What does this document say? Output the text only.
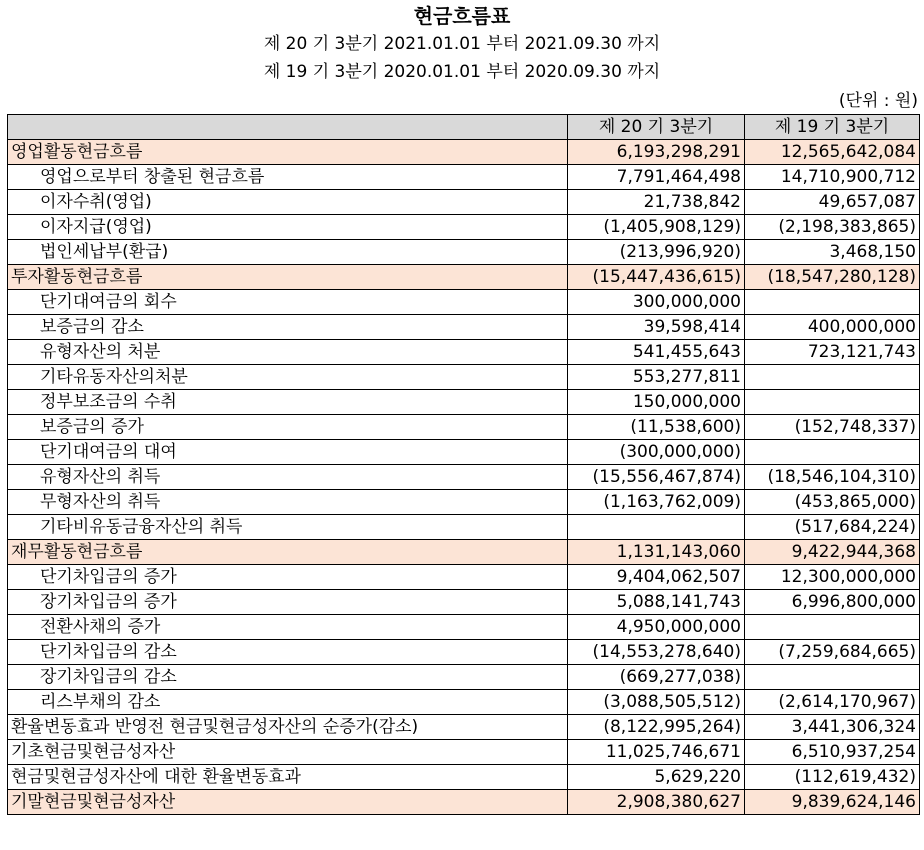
현금흐름표
제 20 기 3분기 2021.01.01 부터 2021.09.30 까지
제 19 기 3분기 2020.01.01 부터 2020.09.30 까지
(단위 : 원)
	제 20 기 3분기	제 19 기 3분기
영업활동현금흐름	6,193,298,291	12,565,642,084
영업으로부터 창출된 현금흐름	7,791,464,498	14,710,900,712
이자수취(영업)	21,738,842	49,657,087
이자지급(영업)	(1,405,908,129)	(2,198,383,865)
법인세납부(환급)	(213,996,920)	3,468,150
투자활동현금흐름	(15,447,436,615)	(18,547,280,128)
단기대여금의 회수	300,000,000	
보증금의 감소	39,598,414	400,000,000
유형자산의 처분	541,455,643	723,121,743
기타유동자산의처분	553,277,811	
정부보조금의 수취	150,000,000	
보증금의 증가	(11,538,600)	(152,748,337)
단기대여금의 대여	(300,000,000)	
유형자산의 취득	(15,556,467,874)	(18,546,104,310)
무형자산의 취득	(1,163,762,009)	(453,865,000)
기타비유동금융자산의 취득		(517,684,224)
재무활동현금흐름	1,131,143,060	9,422,944,368
단기차입금의 증가	9,404,062,507	12,300,000,000
장기차입금의 증가	5,088,141,743	6,996,800,000
전환사채의 증가	4,950,000,000	
단기차입금의 감소	(14,553,278,640)	(7,259,684,665)
장기차입금의 감소	(669,277,038)	
리스부채의 감소	(3,088,505,512)	(2,614,170,967)
환율변동효과 반영전 현금및현금성자산의 순증가(감소)	(8,122,995,264)	3,441,306,324
기초현금및현금성자산	11,025,746,671	6,510,937,254
현금및현금성자산에 대한 환율변동효과	5,629,220	(112,619,432)
기말현금및현금성자산	2,908,380,627	9,839,624,146
